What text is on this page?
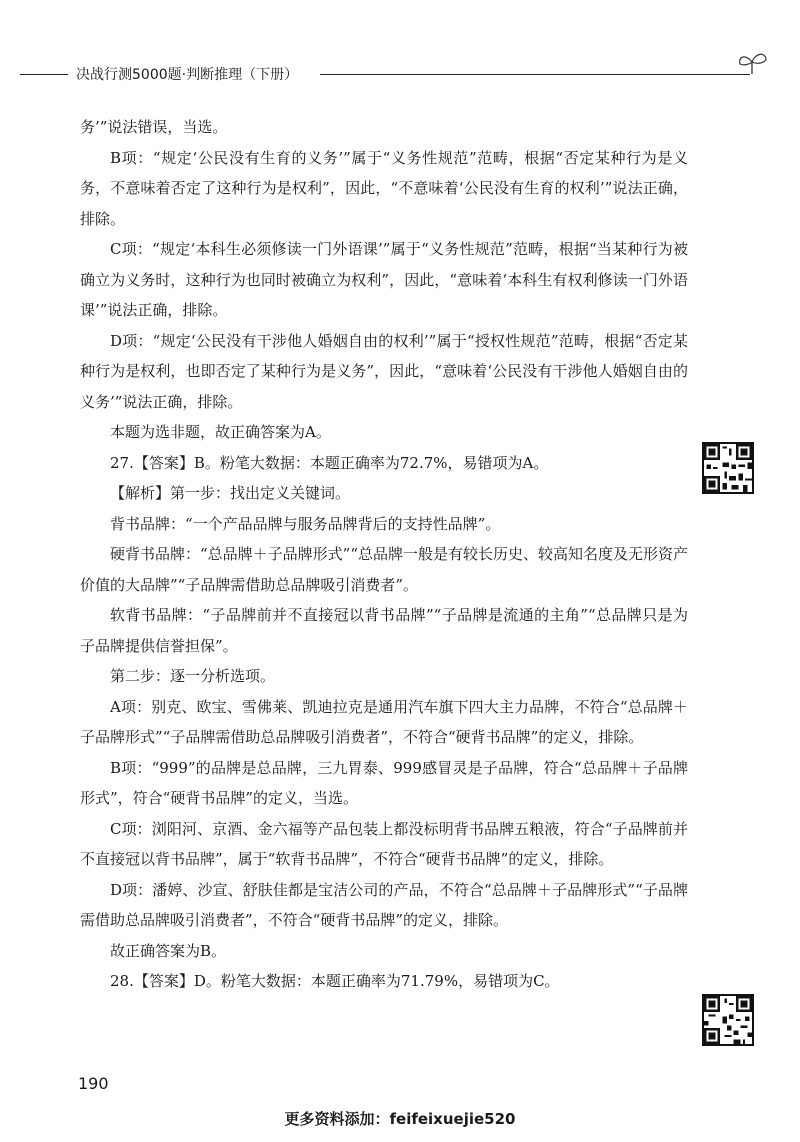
决战行测5000题·判断推理（下册）

务’”说法错误，当选。

B项：“规定‘公民没有生育的义务’”属于“义务性规范”范畴，根据“否定某种行为是义务，不意味着否定了这种行为是权利”，因此，“不意味着‘公民没有生育的权利’”说法正确，排除。

C项：“规定‘本科生必须修读一门外语课’”属于“义务性规范”范畴，根据“当某种行为被确立为义务时，这种行为也同时被确立为权利”，因此，“意味着‘本科生有权利修读一门外语课’”说法正确，排除。

D项：“规定‘公民没有干涉他人婚姻自由的权利’”属于“授权性规范”范畴，根据“否定某种行为是权利，也即否定了某种行为是义务”，因此，“意味着‘公民没有干涉他人婚姻自由的义务’”说法正确，排除。

本题为选非题，故正确答案为A。

27.【答案】B。粉笔大数据：本题正确率为72.7%，易错项为A。

【解析】第一步：找出定义关键词。

背书品牌：“一个产品品牌与服务品牌背后的支持性品牌”。

硬背书品牌：“总品牌＋子品牌形式”“总品牌一般是有较长历史、较高知名度及无形资产价值的大品牌”“子品牌需借助总品牌吸引消费者”。

软背书品牌：“子品牌前并不直接冠以背书品牌”“子品牌是流通的主角”“总品牌只是为子品牌提供信誉担保”。

第二步：逐一分析选项。

A项：别克、欧宝、雪佛莱、凯迪拉克是通用汽车旗下四大主力品牌，不符合“总品牌＋子品牌形式”“子品牌需借助总品牌吸引消费者”，不符合“硬背书品牌”的定义，排除。

B项：“999”的品牌是总品牌，三九胃泰、999感冒灵是子品牌，符合“总品牌＋子品牌形式”，符合“硬背书品牌”的定义，当选。

C项：浏阳河、京酒、金六福等产品包装上都没标明背书品牌五粮液，符合“子品牌前并不直接冠以背书品牌”，属于“软背书品牌”，不符合“硬背书品牌”的定义，排除。

D项：潘婷、沙宣、舒肤佳都是宝洁公司的产品，不符合“总品牌＋子品牌形式”“子品牌需借助总品牌吸引消费者”，不符合“硬背书品牌”的定义，排除。

故正确答案为B。

28.【答案】D。粉笔大数据：本题正确率为71.79%，易错项为C。

190
更多资料添加：feifeixuejie520
